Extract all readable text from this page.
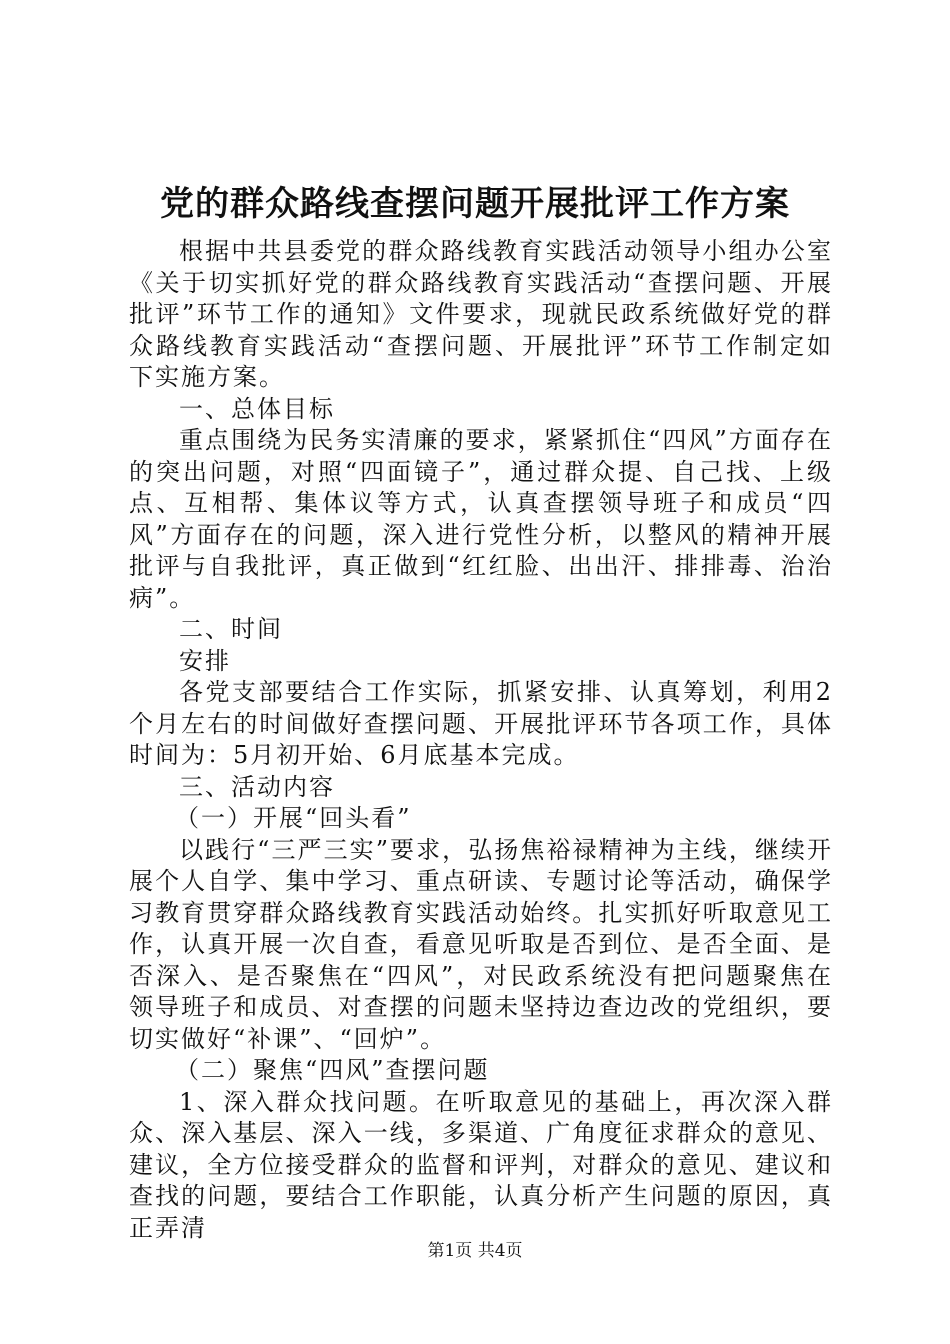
党的群众路线查摆问题开展批评工作方案

根据中共县委党的群众路线教育实践活动领导小组办公室《关于切实抓好党的群众路线教育实践活动“查摆问题、开展批评”环节工作的通知》文件要求，现就民政系统做好党的群众路线教育实践活动“查摆问题、开展批评”环节工作制定如下实施方案。

一、总体目标

重点围绕为民务实清廉的要求，紧紧抓住“四风”方面存在的突出问题，对照“四面镜子”，通过群众提、自己找、上级点、互相帮、集体议等方式，认真查摆领导班子和成员“四风”方面存在的问题，深入进行党性分析，以整风的精神开展批评与自我批评，真正做到“红红脸、出出汗、排排毒、治治病”。

二、时间

安排

各党支部要结合工作实际，抓紧安排、认真筹划，利用2个月左右的时间做好查摆问题、开展批评环节各项工作，具体时间为：5月初开始、6月底基本完成。

三、活动内容

（一）开展“回头看”

以践行“三严三实”要求，弘扬焦裕禄精神为主线，继续开展个人自学、集中学习、重点研读、专题讨论等活动，确保学习教育贯穿群众路线教育实践活动始终。扎实抓好听取意见工作，认真开展一次自查，看意见听取是否到位、是否全面、是否深入、是否聚焦在“四风”，对民政系统没有把问题聚焦在领导班子和成员、对查摆的问题未坚持边查边改的党组织，要切实做好“补课”、“回炉”。

（二）聚焦“四风”查摆问题

1、深入群众找问题。在听取意见的基础上，再次深入群众、深入基层、深入一线，多渠道、广角度征求群众的意见、建议，全方位接受群众的监督和评判，对群众的意见、建议和查找的问题，要结合工作职能，认真分析产生问题的原因，真正弄清

第1页 共4页
